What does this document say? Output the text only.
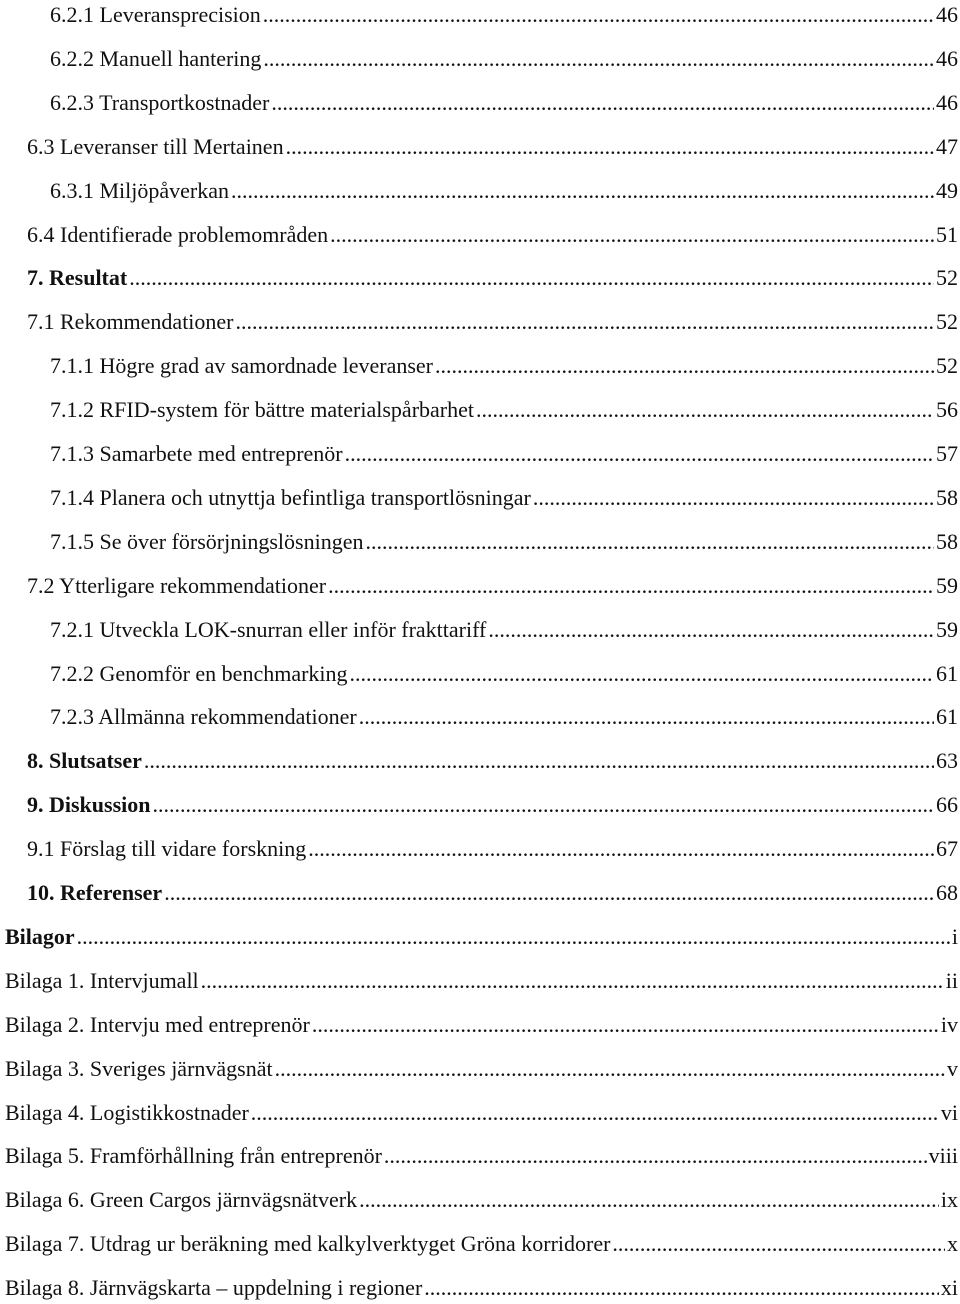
6.2.1 Leveransprecision .....	46
6.2.2 Manuell hantering .....	46
6.2.3 Transportkostnader .....	46
6.3 Leveranser till Mertainen .....	47
6.3.1 Miljöpåverkan .....	49
6.4 Identifierade problemområden .....	51
7. Resultat .....	52
7.1 Rekommendationer .....	52
7.1.1 Högre grad av samordnade leveranser .....	52
7.1.2 RFID-system för bättre materialspårbarhet .....	56
7.1.3 Samarbete med entreprenör .....	57
7.1.4 Planera och utnyttja befintliga transportlösningar .....	58
7.1.5 Se över försörjningslösningen .....	58
7.2 Ytterligare rekommendationer .....	59
7.2.1 Utveckla LOK-snurran eller inför frakttariff .....	59
7.2.2 Genomför en benchmarking .....	61
7.2.3 Allmänna rekommendationer .....	61
8. Slutsatser .....	63
9. Diskussion .....	66
9.1 Förslag till vidare forskning .....	67
10. Referenser .....	68
Bilagor .....	i
Bilaga 1. Intervjumall .....	ii
Bilaga 2. Intervju med entreprenör .....	iv
Bilaga 3. Sveriges järnvägsnät .....	v
Bilaga 4. Logistikkostnader .....	vi
Bilaga 5. Framförhållning från entreprenör .....	viii
Bilaga 6. Green Cargos järnvägsnätverk .....	ix
Bilaga 7. Utdrag ur beräkning med kalkylverktyget Gröna korridorer .....	x
Bilaga 8. Järnvägskarta – uppdelning i regioner .....	xi
